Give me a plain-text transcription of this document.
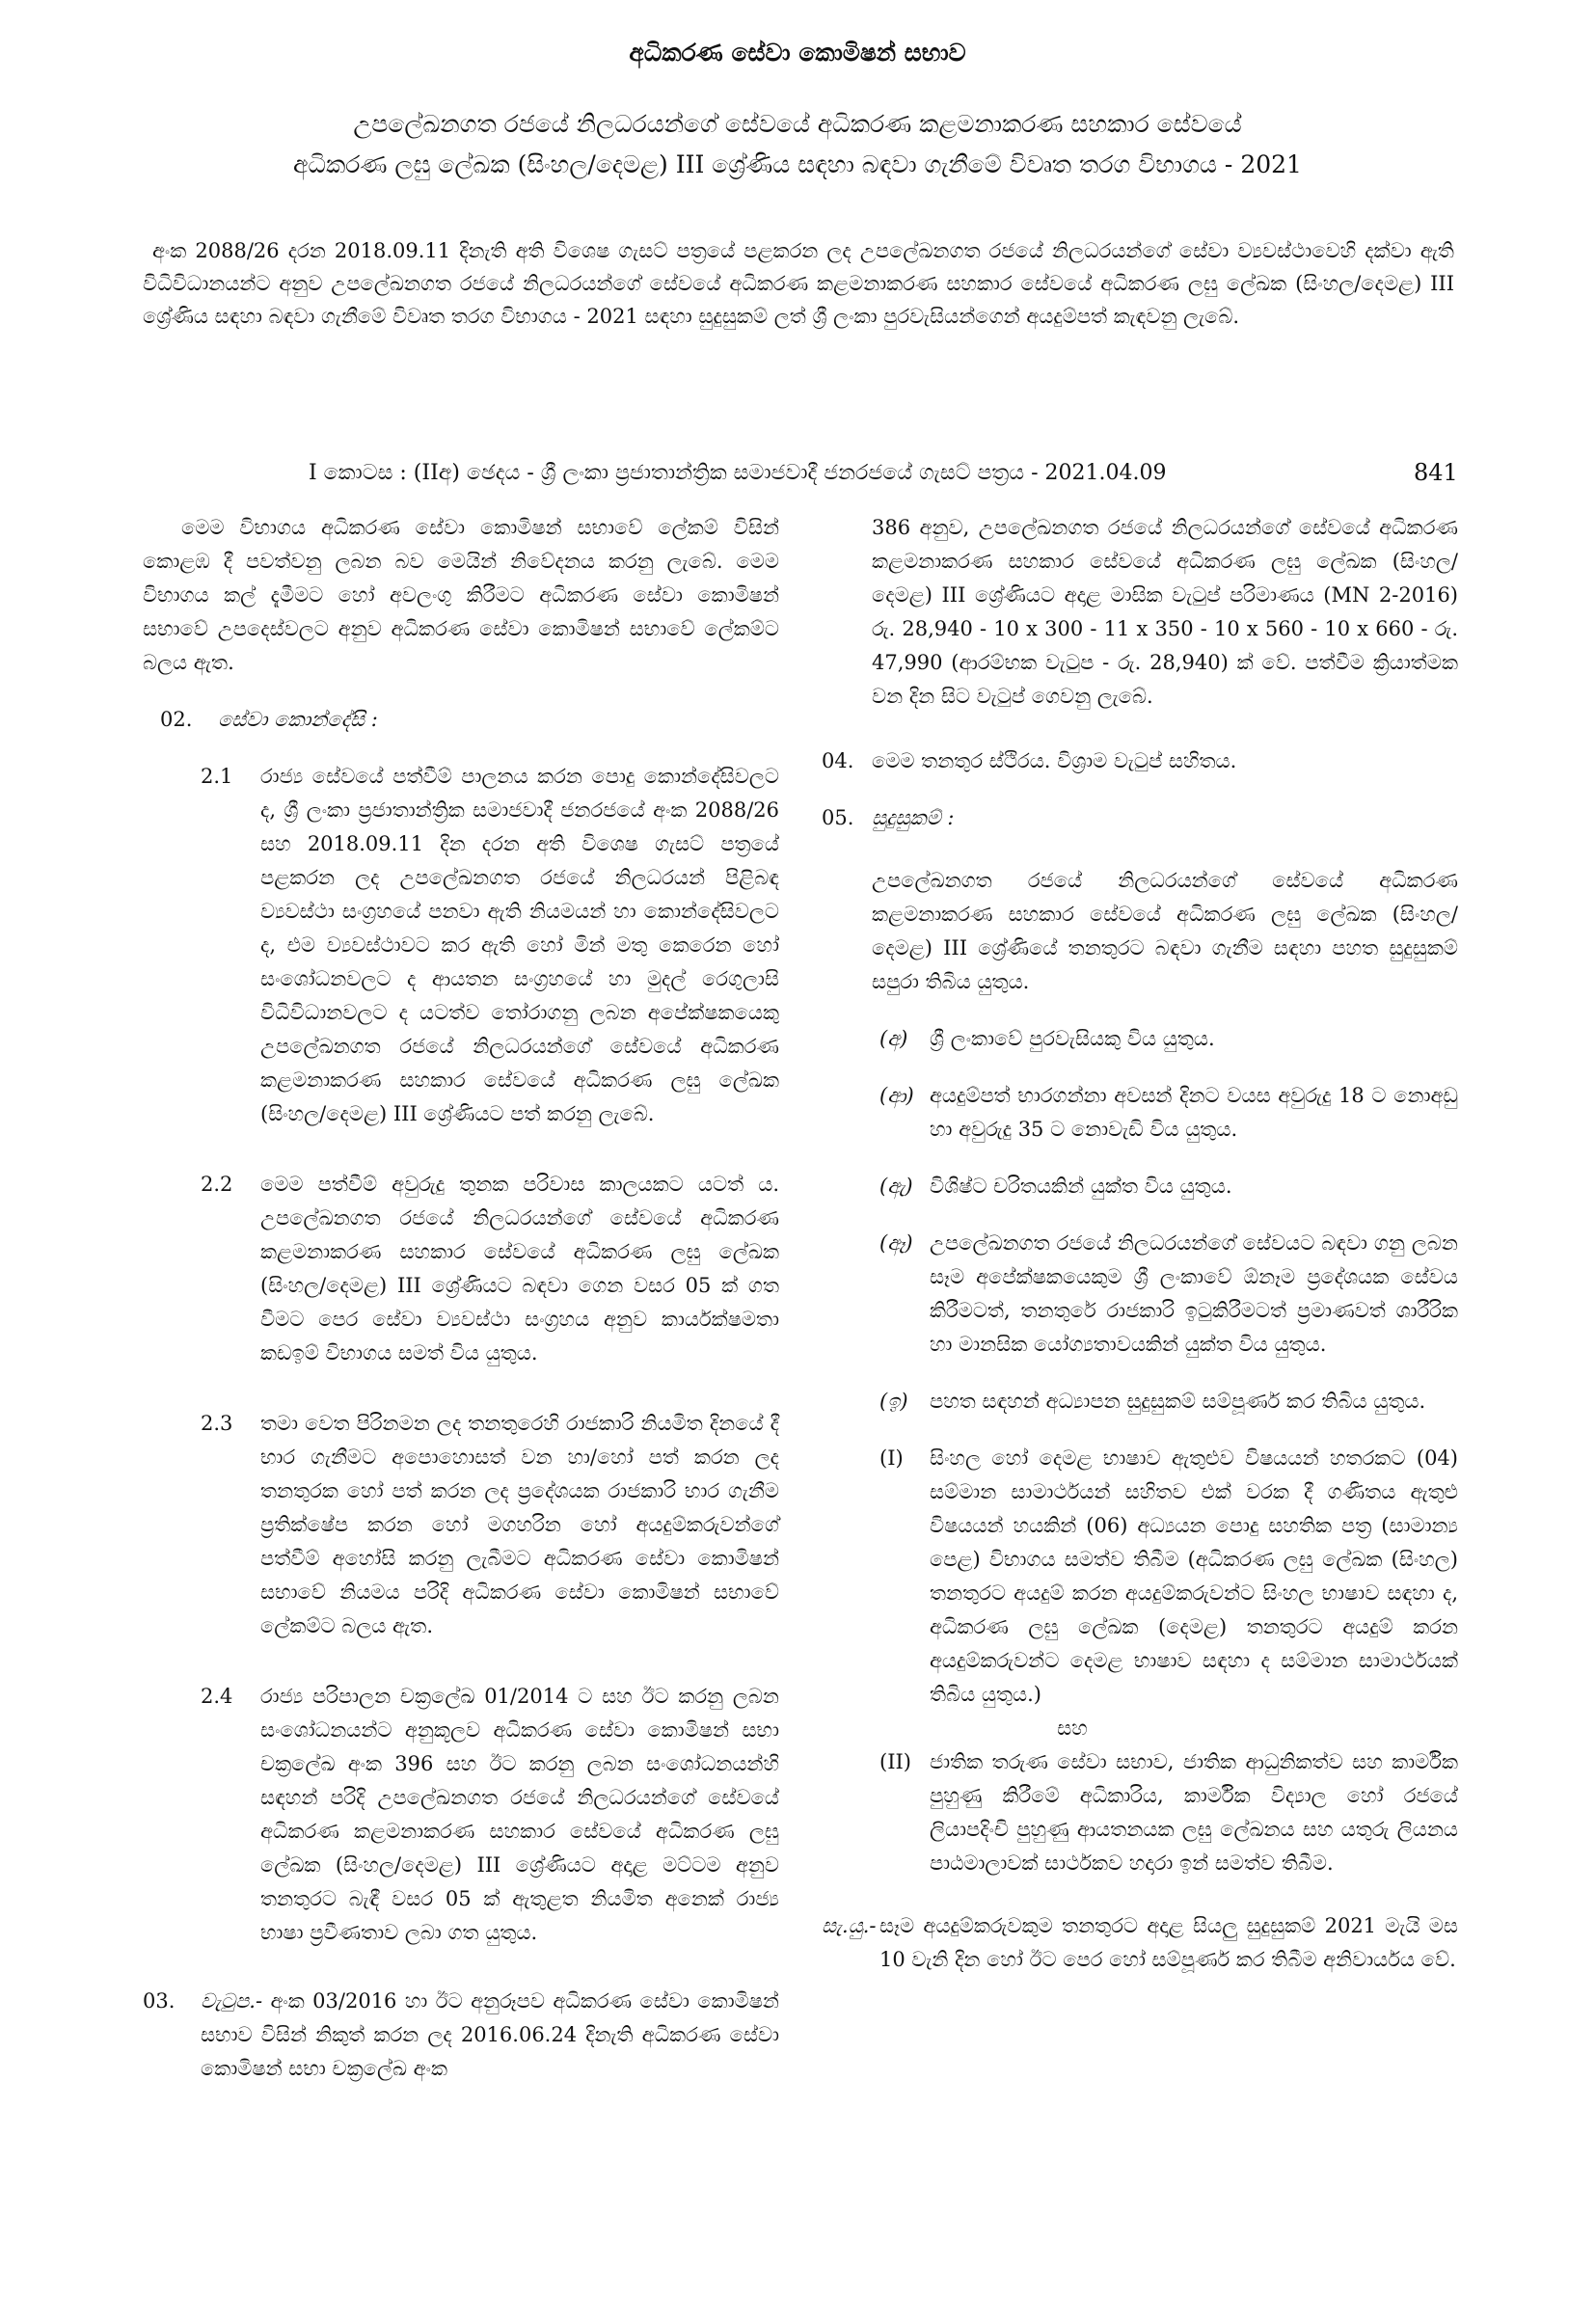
අධිකරණ සේවා කොමිෂන් සභාව
උපලේඛනගත රජයේ නිලධරයන්ගේ සේවයේ අධිකරණ කළමනාකරණ සහකාර සේවයේ
අධිකරණ ලඝු ලේඛක (සිංහල/දෙමළ) III ශ්‍රේණිය සඳහා බඳවා ගැනීමේ විවෘත තරග විභාගය - 2021

අංක 2088/26 දරන 2018.09.11 දිනැති අති විශෙෂ ගැසට් පත්‍රයේ පළකරන ලද උපලේඛනගත රජයේ නිලධරයන්ගේ සේවා ව්‍යවස්ථාවෙහි දක්වා ඇති විධිවිධානයන්ට අනුව උපලේඛනගත රජයේ නිලධරයන්ගේ සේවයේ අධිකරණ කළමනාකරණ සහකාර සේවයේ අධිකරණ ලඝු ලේඛක (සිංහල/දෙමළ) III ශ්‍රේණිය සඳහා බඳවා ගැනීමේ විවෘත තරග විභාගය - 2021 සඳහා සුදුසුකම් ලත් ශ්‍රී ලංකා පුරවැසියන්ගෙන් අයදුම්පත් කැඳවනු ලැබේ.

I කොටස : (IIඅ) ඡෙදය - ශ්‍රී ලංකා ප්‍රජාතාන්ත්‍රික සමාජවාදී ජනරජයේ ගැසට් පත්‍රය - 2021.04.09	841

මෙම විභාගය අධිකරණ සේවා කොමිෂන් සභාවේ ලේකම් විසින් කොළඹ දී පවත්වනු ලබන බව මෙයින් නිවේදනය කරනු ලැබේ. මෙම විභාගය කල් දැමීමට හෝ අවලංගු කිරීමට අධිකරණ සේවා කොමිෂන් සභාවේ උපදෙස්වලට අනුව අධිකරණ සේවා කොමිෂන් සභාවේ ලේකම්ට බලය ඇත.

02.	සේවා කොන්දේසි :
2.1	රාජ්‍ය සේවයේ පත්වීම් පාලනය කරන පොදු කොන්දේසිවලට ද, ශ්‍රී ලංකා ප්‍රජාතාන්ත්‍රික සමාජවාදී ජනරජයේ අංක 2088/26 සහ 2018.09.11 දින දරන අති විශෙෂ ගැසට් පත්‍රයේ පළකරන ලද උපලේඛනගත රජයේ නිලධරයන් පිළිබඳ ව්‍යවස්ථා සංග්‍රහයේ පනවා ඇති නියමයන් හා කොන්දේසිවලට ද, එම ව්‍යවස්ථාවට කර ඇති හෝ මින් මතු කෙරෙන හෝ සංශෝධනවලට ද ආයතන සංග්‍රහයේ හා මුදල් රෙගුලාසි විධිවිධානවලට ද යටත්ව තෝරාගනු ලබන අපේක්ෂකයෙකු උපලේඛනගත රජයේ නිලධරයන්ගේ සේවයේ අධිකරණ කළමනාකරණ සහකාර සේවයේ අධිකරණ ලඝු ලේඛක (සිංහල/දෙමළ) III ශ්‍රේණියට පත් කරනු ලැබේ.
2.2	මෙම පත්වීම් අවුරුදු තුනක පරිවාස කාලයකට යටත් ය. උපලේඛනගත රජයේ නිලධරයන්ගේ සේවයේ අධිකරණ කළමනාකරණ සහකාර සේවයේ අධිකරණ ලඝු ලේඛක (සිංහල/දෙමළ) III ශ්‍රේණියට බඳවා ගෙන වසර 05 ක් ගත වීමට පෙර සේවා ව්‍යවස්ථා සංග්‍රහය අනුව කාර්යක්ෂමතා කඩඉම් විභාගය සමත් විය යුතුය.
2.3	තමා වෙත පිරිනමන ලද තනතුරෙහි රාජකාරි නියමිත දිනයේ දී භාර ගැනීමට අපොහොසත් වන හා/හෝ පත් කරන ලද තනතුරක හෝ පත් කරන ලද ප්‍රදේශයක රාජකාරි භාර ගැනීම ප්‍රතික්ෂේප කරන හෝ මගහරින හෝ අයදුම්කරුවන්ගේ පත්වීම් අහෝසි කරනු ලැබීමට අධිකරණ සේවා කොමිෂන් සභාවේ නියමය පරිදි අධිකරණ සේවා කොමිෂන් සභාවේ ලේකම්ට බලය ඇත.
2.4	රාජ්‍ය පරිපාලන චක්‍රලේඛ 01/2014 ට සහ ඊට කරනු ලබන සංශෝධනයන්ට අනුකූලව අධිකරණ සේවා කොමිෂන් සභා චක්‍රලේඛ අංක 396 සහ ඊට කරනු ලබන සංශෝධනයන්හි සඳහන් පරිදි උපලේඛනගත රජයේ නිලධරයන්ගේ සේවයේ අධිකරණ කළමනාකරණ සහකාර සේවයේ අධිකරණ ලඝු ලේඛක (සිංහල/දෙමළ) III ශ්‍රේණියට අදාළ මට්ටම අනුව තනතුරට බැඳී වසර 05 ක් ඇතුළත නියමිත අනෙක් රාජ්‍ය භාෂා ප්‍රවීණතාව ලබා ගත යුතුය.
03.	වැටුප.- අංක 03/2016 හා ඊට අනුරූපව අධිකරණ සේවා කොමිෂන් සභාව විසින් නිකුත් කරන ලද 2016.06.24 දිනැති අධිකරණ සේවා කොමිෂන් සභා චක්‍රලේඛ අංක

386 අනුව, උපලේඛනගත රජයේ නිලධරයන්ගේ සේවයේ අධිකරණ කළමනාකරණ සහකාර සේවයේ අධිකරණ ලඝු ලේඛක (සිංහල/දෙමළ) III ශ්‍රේණියට අදාළ මාසික වැටුප් පරිමාණය (MN 2-2016) රු. 28,940 - 10 x 300 - 11 x 350 - 10 x 560 - 10 x 660 - රු. 47,990 (ආරම්භක වැටුප - රු. 28,940) ක් වේ. පත්වීම ක්‍රියාත්මක වන දින සිට වැටුප් ගෙවනු ලැබේ.

04. මෙම තනතුර ස්ථිරය. විශ්‍රාම වැටුප් සහිතය.
05. සුදුසුකම් :

උපලේඛනගත රජයේ නිලධරයන්ගේ සේවයේ අධිකරණ කළමනාකරණ සහකාර සේවයේ අධිකරණ ලඝු ලේඛක (සිංහල/දෙමළ) III ශ්‍රේණියේ තනතුරට බඳවා ගැනීම සඳහා පහත සුදුසුකම් සපුරා තිබිය යුතුය.

(අ)	ශ්‍රී ලංකාවේ පුරවැසියකු විය යුතුය.
(ආ) අයදුම්පත් භාරගන්නා අවසන් දිනට වයස අවුරුදු 18 ට නොඅඩු හා අවුරුදු 35 ට නොවැඩි විය යුතුය.
(ඇ) විශිෂ්ට චරිතයකින් යුක්ත විය යුතුය.
(ඈ) උපලේඛනගත රජයේ නිලධරයන්ගේ සේවයට බඳවා ගනු ලබන සෑම අපේක්ෂකයෙකුම ශ්‍රී ලංකාවේ ඕනෑම ප්‍රදේශයක සේවය කිරීමටත්, තනතුරේ රාජකාරි ඉටුකිරීමටත් ප්‍රමාණවත් ශාරීරික හා මානසික යෝග්‍යතාවයකින් යුක්ත විය යුතුය.
(ඉ)	පහත සඳහන් අධ්‍යාපන සුදුසුකම් සම්පූර්ණ කර තිබිය යුතුය.
(I)	සිංහල හෝ දෙමළ භාෂාව ඇතුළුව විෂයයන් හතරකට (04) සම්මාන සාමාර්ථයන් සහිතව එක් වරක දී ගණිතය ඇතුළු විෂයයන් හයකින් (06) අධ්‍යයන පොදු සහතික පත්‍ර (සාමාන්‍ය පෙළ) විභාගය සමත්ව තිබීම (අධිකරණ ලඝු ලේඛක (සිංහල) තනතුරට අයදුම් කරන අයදුම්කරුවන්ට සිංහල භාෂාව සඳහා ද, අධිකරණ ලඝු ලේඛක (දෙමළ) තනතුරට අයදුම් කරන අයදුම්කරුවන්ට දෙමළ භාෂාව සඳහා ද සම්මාන සාමාර්ථයක් තිබිය යුතුය.)
සහ
(II) ජාතික තරුණ සේවා සභාව, ජාතික ආධුනිකත්ව සහ කාර්මික පුහුණු කිරීමේ අධිකාරිය, කාර්මික විද්‍යාල හෝ රජයේ ලියාපදිංචි පුහුණු ආයතනයක ලඝු ලේඛනය සහ යතුරු ලියනය පාඨමාලාවක් සාර්ථකව හදාරා ඉන් සමත්ව තිබීම.
සැ.යු.- සෑම අයදුම්කරුවකුම තනතුරට අදාළ සියලු සුදුසුකම් 2021 මැයි මස 10 වැනි දින හෝ ඊට පෙර හෝ සම්පූර්ණ කර තිබීම අනිවාර්යය වේ.
